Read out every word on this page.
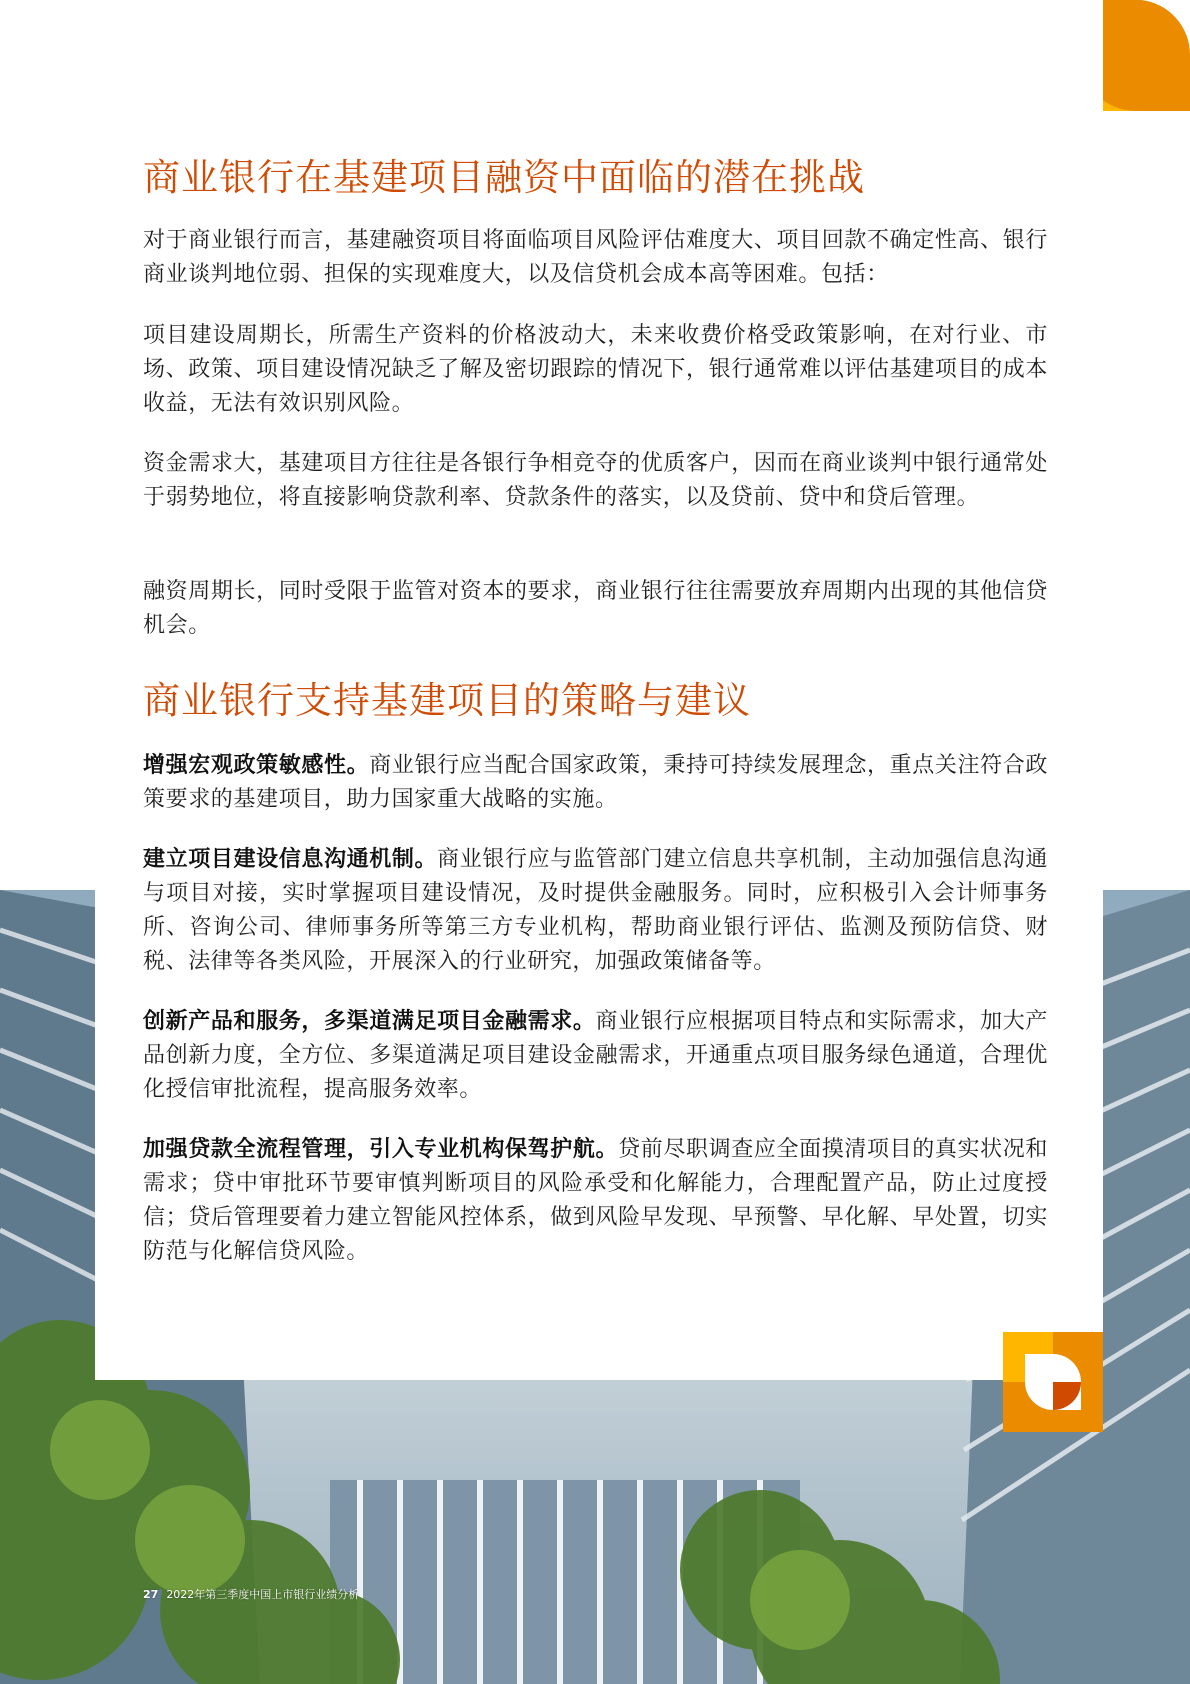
商业银行在基建项目融资中面临的潜在挑战

对于商业银行而言，基建融资项目将面临项目风险评估难度大、项目回款不确定性高、银行商业谈判地位弱、担保的实现难度大，以及信贷机会成本高等困难。包括：

项目建设周期长，所需生产资料的价格波动大，未来收费价格受政策影响，在对行业、市场、政策、项目建设情况缺乏了解及密切跟踪的情况下，银行通常难以评估基建项目的成本收益，无法有效识别风险。

资金需求大，基建项目方往往是各银行争相竞夺的优质客户，因而在商业谈判中银行通常处于弱势地位，将直接影响贷款利率、贷款条件的落实，以及贷前、贷中和贷后管理。

融资周期长，同时受限于监管对资本的要求，商业银行往往需要放弃周期内出现的其他信贷机会。

商业银行支持基建项目的策略与建议

增强宏观政策敏感性。商业银行应当配合国家政策，秉持可持续发展理念，重点关注符合政策要求的基建项目，助力国家重大战略的实施。

建立项目建设信息沟通机制。商业银行应与监管部门建立信息共享机制，主动加强信息沟通与项目对接，实时掌握项目建设情况，及时提供金融服务。同时，应积极引入会计师事务所、咨询公司、律师事务所等第三方专业机构，帮助商业银行评估、监测及预防信贷、财税、法律等各类风险，开展深入的行业研究，加强政策储备等。

创新产品和服务，多渠道满足项目金融需求。商业银行应根据项目特点和实际需求，加大产品创新力度，全方位、多渠道满足项目建设金融需求，开通重点项目服务绿色通道，合理优化授信审批流程，提高服务效率。

加强贷款全流程管理，引入专业机构保驾护航。贷前尽职调查应全面摸清项目的真实状况和需求；贷中审批环节要审慎判断项目的风险承受和化解能力，合理配置产品，防止过度授信；贷后管理要着力建立智能风控体系，做到风险早发现、早预警、早化解、早处置，切实防范与化解信贷风险。

27 2022年第三季度中国上市银行业绩分析
